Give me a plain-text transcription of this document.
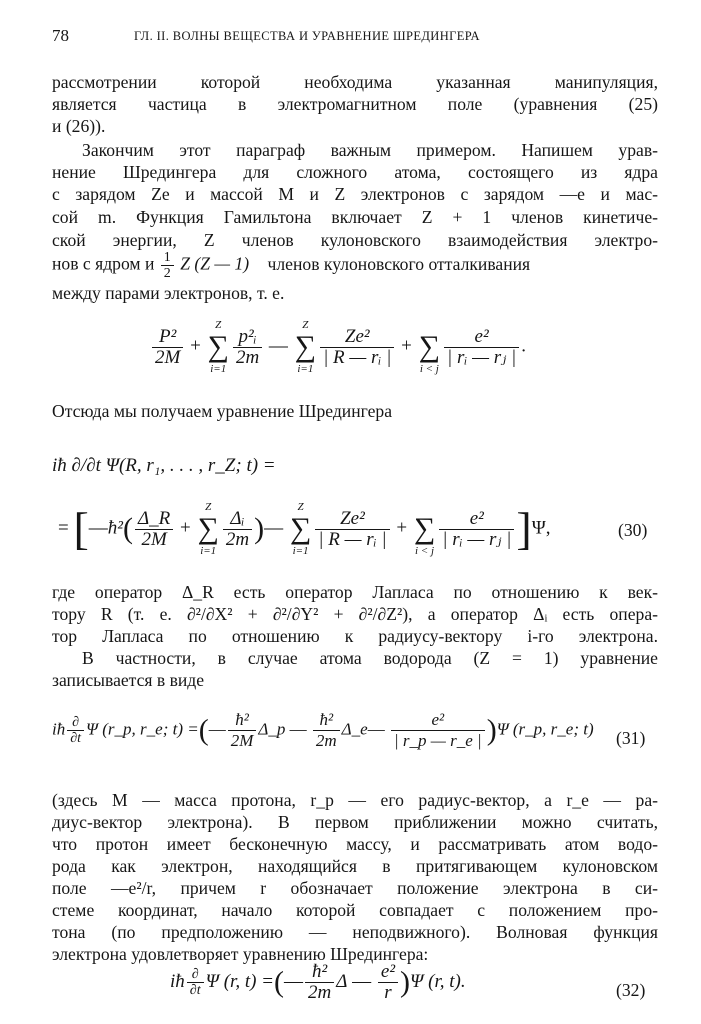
78	ГЛ. II. ВОЛНЫ ВЕЩЕСТВА И УРАВНЕНИЕ ШРЕДИНГЕРА
рассмотрении которой необходима указанная манипуляция,
является частица в электромагнитном поле (уравнения (25)
и (26)).
Закончим этот параграф важным примером. Напишем урав-
нение Шредингера для сложного атома, состоящего из ядра
с зарядом Ze и массой M и Z электронов с зарядом —e и мас-
сой m. Функция Гамильтона включает Z + 1 членов кинетиче-
ской энергии, Z членов кулоновского взаимодействия электро-
нов с ядром и $\frac{1}{2}$ Z (Z — 1) членов кулоновского отталкивания
между парами электронов, т. е.
$\frac{\text{P²}}{2M}$ +
Z
∑
i=1
$\frac{\text{p²ᵢ}}{2m}$ —
Z
∑
i=1
$\frac{\text{Ze²}}{\text{| R — rᵢ |}}$ +
∑
i < j
$\frac{\text{e²}}{\text{| rᵢ — rⱼ |}}$ .
Отсюда мы получаем уравнение Шредингера
iħ ∂/∂t Ψ(R, r₁, . . . , r_Z; t) =
= [—ħ²( $\frac{\Delta\_R}{2M}$ +
Z
∑
i=1
$\frac{\text{Δᵢ}}{2m}$ )—
Z
∑
i=1
$\frac{\text{Ze²}}{\text{| R — rᵢ |}}$ +
∑
i < j
$\frac{\text{e²}}{\text{| rᵢ — rⱼ |}} ]\Psi$,	(30)
где оператор Δ_R есть оператор Лапласа по отношению к век-
тору R (т. е. ∂²/∂X² + ∂²/∂Y² + ∂²/∂Z²), а оператор Δᵢ есть опера-
тор Лапласа по отношению к радиусу-вектору i-го электрона.
В частности, в случае атома водорода (Z = 1) уравнение
записывается в виде
iħ $\frac{\partial}{\partial t}$ Ψ (r_p, r_e; t) =(— $\frac{\text{ħ²}}{2M}$ Δ_p — $\frac{\text{ħ²}}{2m}$ Δ_e— $\frac{\text{e²}}{| r\_p — r\_e |} )\Psi$ (r_p, r_e; t) (31)
(здесь M — масса протона, r_p — его радиус-вектор, а r_e — ра-
диус-вектор электрона). В первом приближении можно считать,
что протон имеет бесконечную массу, и рассматривать атом водо-
рода как электрон, находящийся в притягивающем кулоновском
поле —e²/r, причем r обозначает положение электрона в си-
стеме координат, начало которой совпадает с положением про-
тона (по предположению — неподвижного). Волновая функция
электрона удовлетворяет уравнению Шредингера:
iħ $\frac{\partial}{\partial t}$ Ψ (r, t) =(— $\frac{\text{ħ²}}{2m}$ Δ — $\frac{\text{e²}}{r} )\Psi$ (r, t).	(32)
